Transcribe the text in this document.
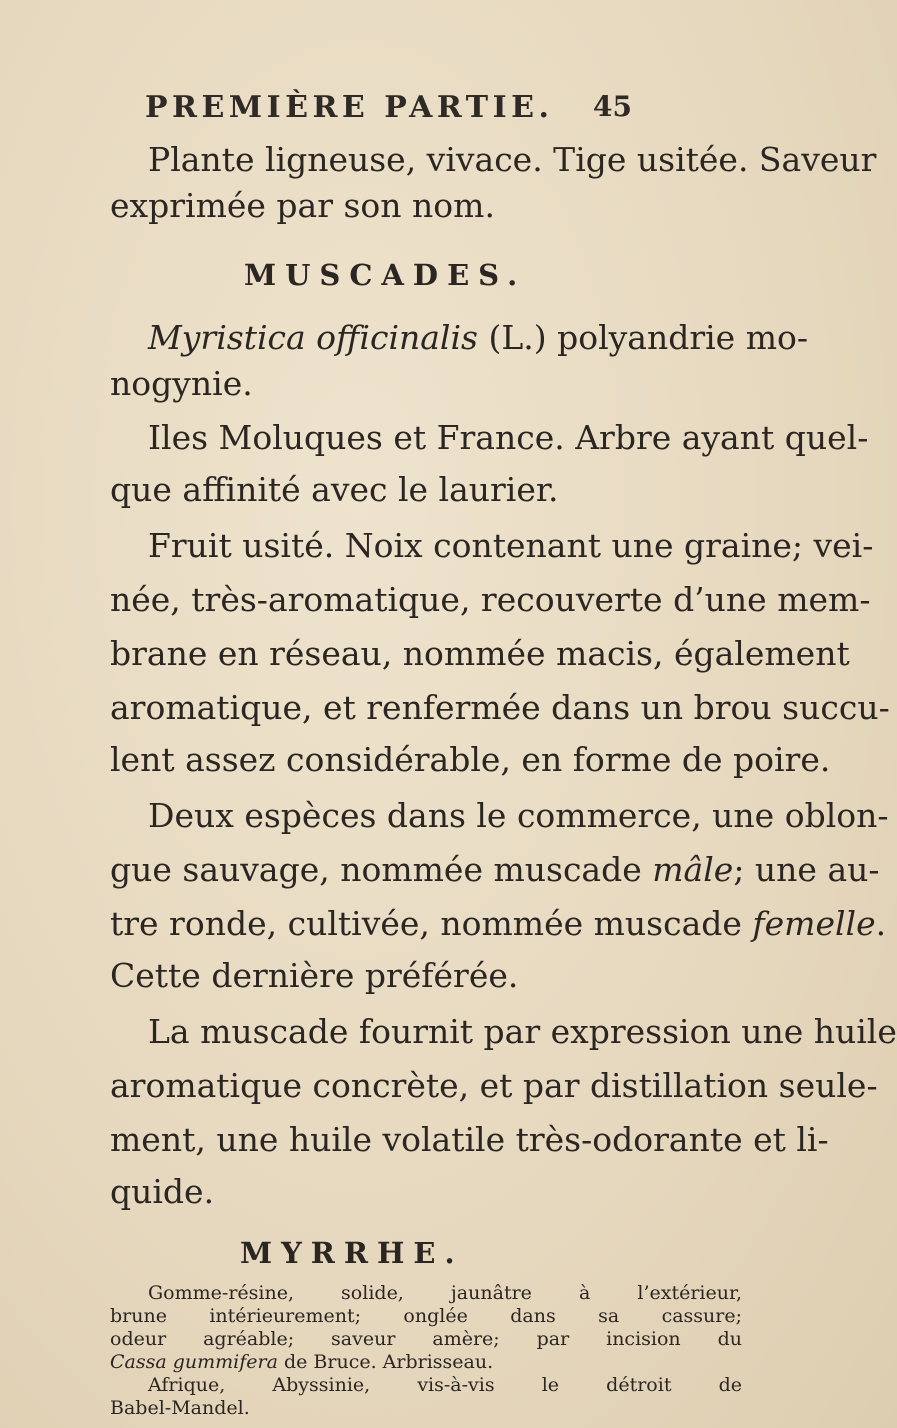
PREMIÈRE PARTIE. 45
Plante ligneuse, vivace. Tige usitée. Saveur
exprimée par son nom.
MUSCADES.
Myristica officinalis (L.) polyandrie mo-
nogynie.
Iles Moluques et France. Arbre ayant quel-
que affinité avec le laurier.
Fruit usité. Noix contenant une graine; vei-
née, très-aromatique, recouverte d’une mem-
brane en réseau, nommée macis, également
aromatique, et renfermée dans un brou succu-
lent assez considérable, en forme de poire.
Deux espèces dans le commerce, une oblon-
gue sauvage, nommée muscade mâle; une au-
tre ronde, cultivée, nommée muscade femelle.
Cette dernière préférée.
La muscade fournit par expression une huile
aromatique concrète, et par distillation seule-
ment, une huile volatile très-odorante et li-
quide.
MYRRHE.
Gomme-résine, solide, jaunâtre à l’extérieur,
brune intérieurement; onglée dans sa cassure;
odeur agréable; saveur amère; par incision du
Cassa gummifera de Bruce. Arbrisseau.
Afrique, Abyssinie, vis-à-vis le détroit de
Babel-Mandel.
